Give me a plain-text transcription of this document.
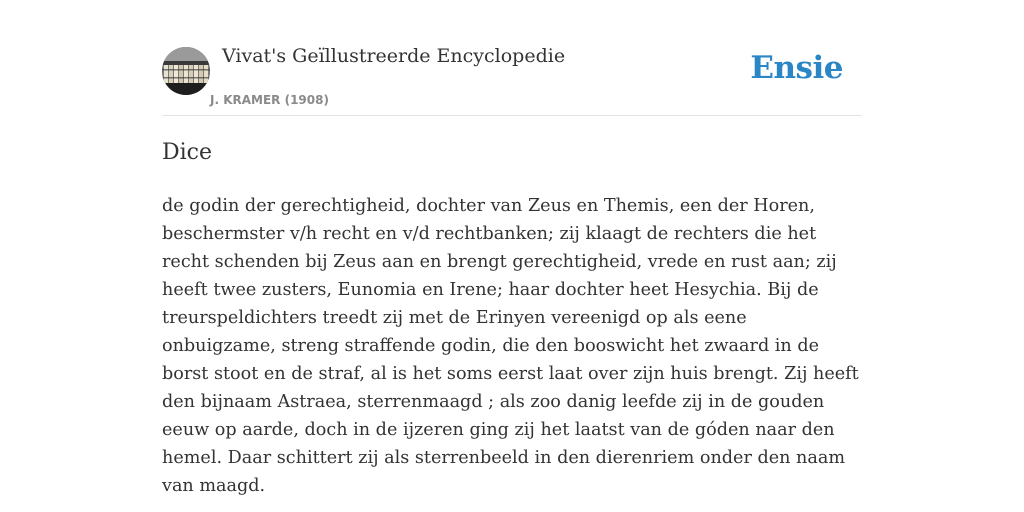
Vivat's Geïllustreerde Encyclopedie
J. KRAMER (1908)
Ensie
Dice

de godin der gerechtigheid, dochter van Zeus en Themis, een der Horen, beschermster v/h recht en v/d rechtbanken; zij klaagt de rechters die het recht schenden bij Zeus aan en brengt gerechtigheid, vrede en rust aan; zij heeft twee zusters, Eunomia en Irene; haar dochter heet Hesychia. Bij de treurspeldichters treedt zij met de Erinyen vereenigd op als eene onbuigzame, streng straffende godin, die den booswicht het zwaard in de borst stoot en de straf, al is het soms eerst laat over zijn huis brengt. Zij heeft den bijnaam Astraea, sterrenmaagd ; als zoo danig leefde zij in de gouden eeuw op aarde, doch in de ijzeren ging zij het laatst van de góden naar den hemel. Daar schittert zij als sterrenbeeld in den dierenriem onder den naam van maagd.
